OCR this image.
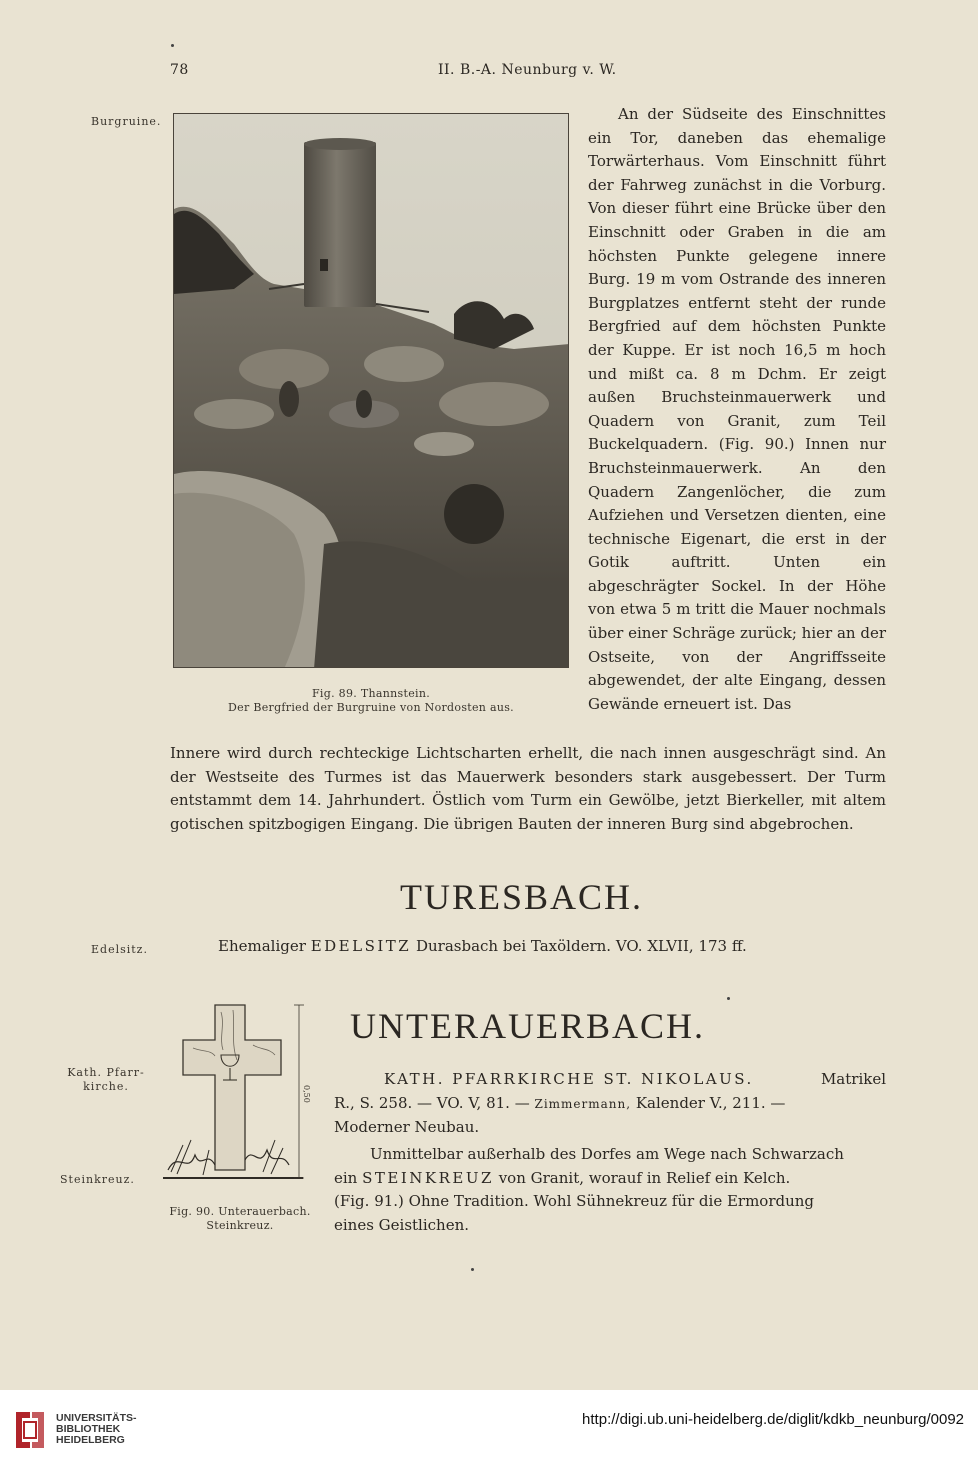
78	II. B.-A. Neunburg v. W.
Burgruine.
Fig. 89. Thannstein.
Der Bergfried der Burgruine von Nordosten aus.

An der Südseite des Einschnittes ein Tor, daneben das ehemalige Torwärterhaus. Vom Einschnitt führt der Fahrweg zunächst in die Vorburg. Von dieser führt eine Brücke über den Einschnitt oder Graben in die am höchsten Punkte gelegene innere Burg. 19 m vom Ostrande des inneren Burgplatzes entfernt steht der runde Bergfried auf dem höchsten Punkte der Kuppe. Er ist noch 16,5 m hoch und mißt ca. 8 m Dchm. Er zeigt außen Bruchsteinmauerwerk und Quadern von Granit, zum Teil Buckelquadern. (Fig. 90.) Innen nur Bruchsteinmauerwerk. An den Quadern Zangenlöcher, die zum Aufziehen und Versetzen dienten, eine technische Eigenart, die erst in der Gotik auftritt. Unten ein abgeschrägter Sockel. In der Höhe von etwa 5 m tritt die Mauer nochmals über einer Schräge zurück; hier an der Ostseite, von der Angriffsseite abgewendet, der alte Eingang, dessen Gewände erneuert ist. Das

Innere wird durch rechteckige Lichtscharten erhellt, die nach innen ausgeschrägt sind. An der Westseite des Turmes ist das Mauerwerk besonders stark ausgebessert. Der Turm entstammt dem 14. Jahrhundert. Östlich vom Turm ein Gewölbe, jetzt Bierkeller, mit altem gotischen spitzbogigen Eingang. Die übrigen Bauten der inneren Burg sind abgebrochen.

TURESBACH.
Edelsitz.	Ehemaliger EDELSITZ Durasbach bei Taxöldern. VO. XLVII, 173 ff.
UNTERAUERBACH.
Kath. Pfarr-
kirche.
Steinkreuz.
0,50
Fig. 90. Unterauerbach.
Steinkreuz.
KATH. PFARRKIRCHE ST. NIKOLAUS.	Matrikel
R., S. 258. — VO. V, 81. — Zimmermann, Kalender V., 211. —
Moderner Neubau.
Unmittelbar außerhalb des Dorfes am Wege nach Schwarzach
ein STEINKREUZ von Granit, worauf in Relief ein Kelch.
(Fig. 91.) Ohne Tradition. Wohl Sühnekreuz für die Ermordung
eines Geistlichen.
UNIVERSITÄTS-
BIBLIOTHEK
HEIDELBERG
http://digi.ub.uni-heidelberg.de/diglit/kdkb_neunburg/0092
